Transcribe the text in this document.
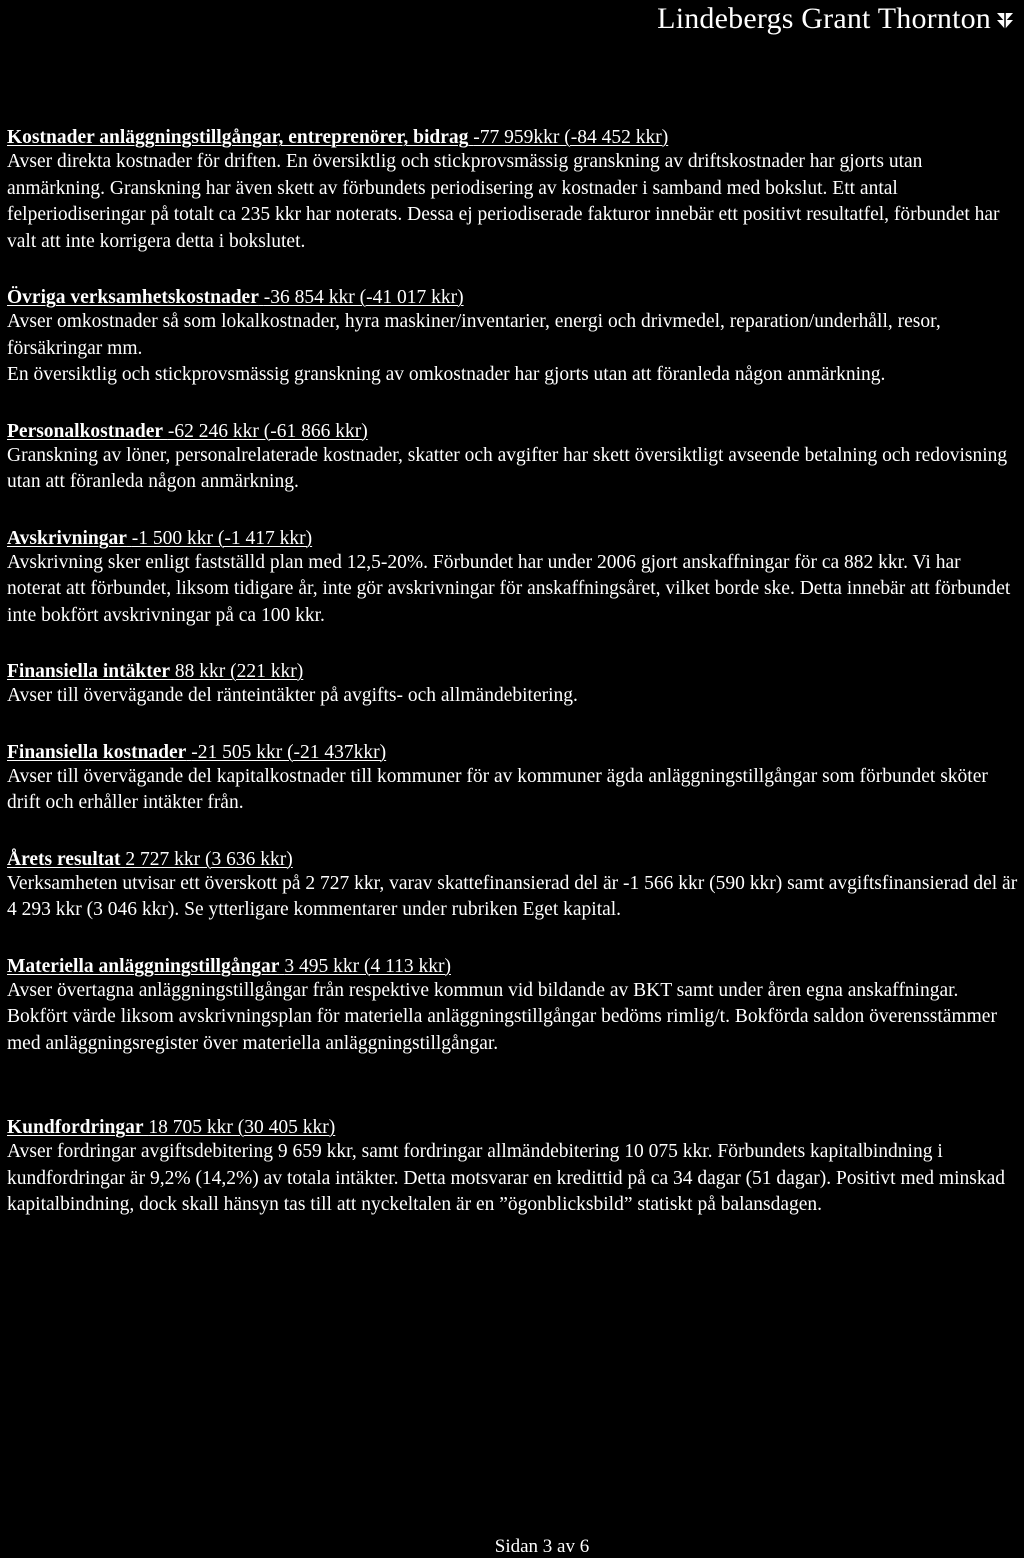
Lindebergs Grant Thornton
Kostnader anläggningstillgångar, entreprenörer, bidrag -77 959kkr (-84 452 kkr)

Avser direkta kostnader för driften. En översiktlig och stickprovsmässig granskning av driftskostnader har gjorts utan anmärkning. Granskning har även skett av förbundets periodisering av kostnader i samband med bokslut. Ett antal felperiodiseringar på totalt ca 235 kkr har noterats. Dessa ej periodiserade fakturor innebär ett positivt resultatfel, förbundet har valt att inte korrigera detta i bokslutet.

Övriga verksamhetskostnader -36 854 kkr (-41 017 kkr)

Avser omkostnader så som lokalkostnader, hyra maskiner/inventarier, energi och drivmedel, reparation/underhåll, resor, försäkringar mm.

En översiktlig och stickprovsmässig granskning av omkostnader har gjorts utan att föranleda någon anmärkning.

Personalkostnader -62 246 kkr (-61 866 kkr)

Granskning av löner, personalrelaterade kostnader, skatter och avgifter har skett översiktligt avseende betalning och redovisning utan att föranleda någon anmärkning.

Avskrivningar -1 500 kkr (-1 417 kkr)

Avskrivning sker enligt fastställd plan med 12,5-20%. Förbundet har under 2006 gjort anskaffningar för ca 882 kkr. Vi har noterat att förbundet, liksom tidigare år, inte gör avskrivningar för anskaffningsåret, vilket borde ske. Detta innebär att förbundet inte bokfört avskrivningar på ca 100 kkr.

Finansiella intäkter 88 kkr (221 kkr)

Avser till övervägande del ränteintäkter på avgifts- och allmändebitering.

Finansiella kostnader -21 505 kkr (-21 437kkr)

Avser till övervägande del kapitalkostnader till kommuner för av kommuner ägda anläggningstillgångar som förbundet sköter drift och erhåller intäkter från.

Årets resultat 2 727 kkr (3 636 kkr)

Verksamheten utvisar ett överskott på 2 727 kkr, varav skattefinansierad del är -1 566 kkr (590 kkr) samt avgiftsfinansierad del är 4 293 kkr (3 046 kkr). Se ytterligare kommentarer under rubriken Eget kapital.

Materiella anläggningstillgångar 3 495 kkr (4 113 kkr)

Avser övertagna anläggningstillgångar från respektive kommun vid bildande av BKT samt under åren egna anskaffningar. Bokfört värde liksom avskrivningsplan för materiella anläggningstillgångar bedöms rimlig/t. Bokförda saldon överensstämmer med anläggningsregister över materiella anläggningstillgångar.

Kundfordringar 18 705 kkr (30 405 kkr)

Avser fordringar avgiftsdebitering 9 659 kkr, samt fordringar allmändebitering 10 075 kkr. Förbundets kapitalbindning i kundfordringar är 9,2% (14,2%) av totala intäkter. Detta motsvarar en kredittid på ca 34 dagar (51 dagar). Positivt med minskad kapitalbindning, dock skall hänsyn tas till att nyckeltalen är en ”ögonblicksbild” statiskt på balansdagen.

Sidan 3 av 6
